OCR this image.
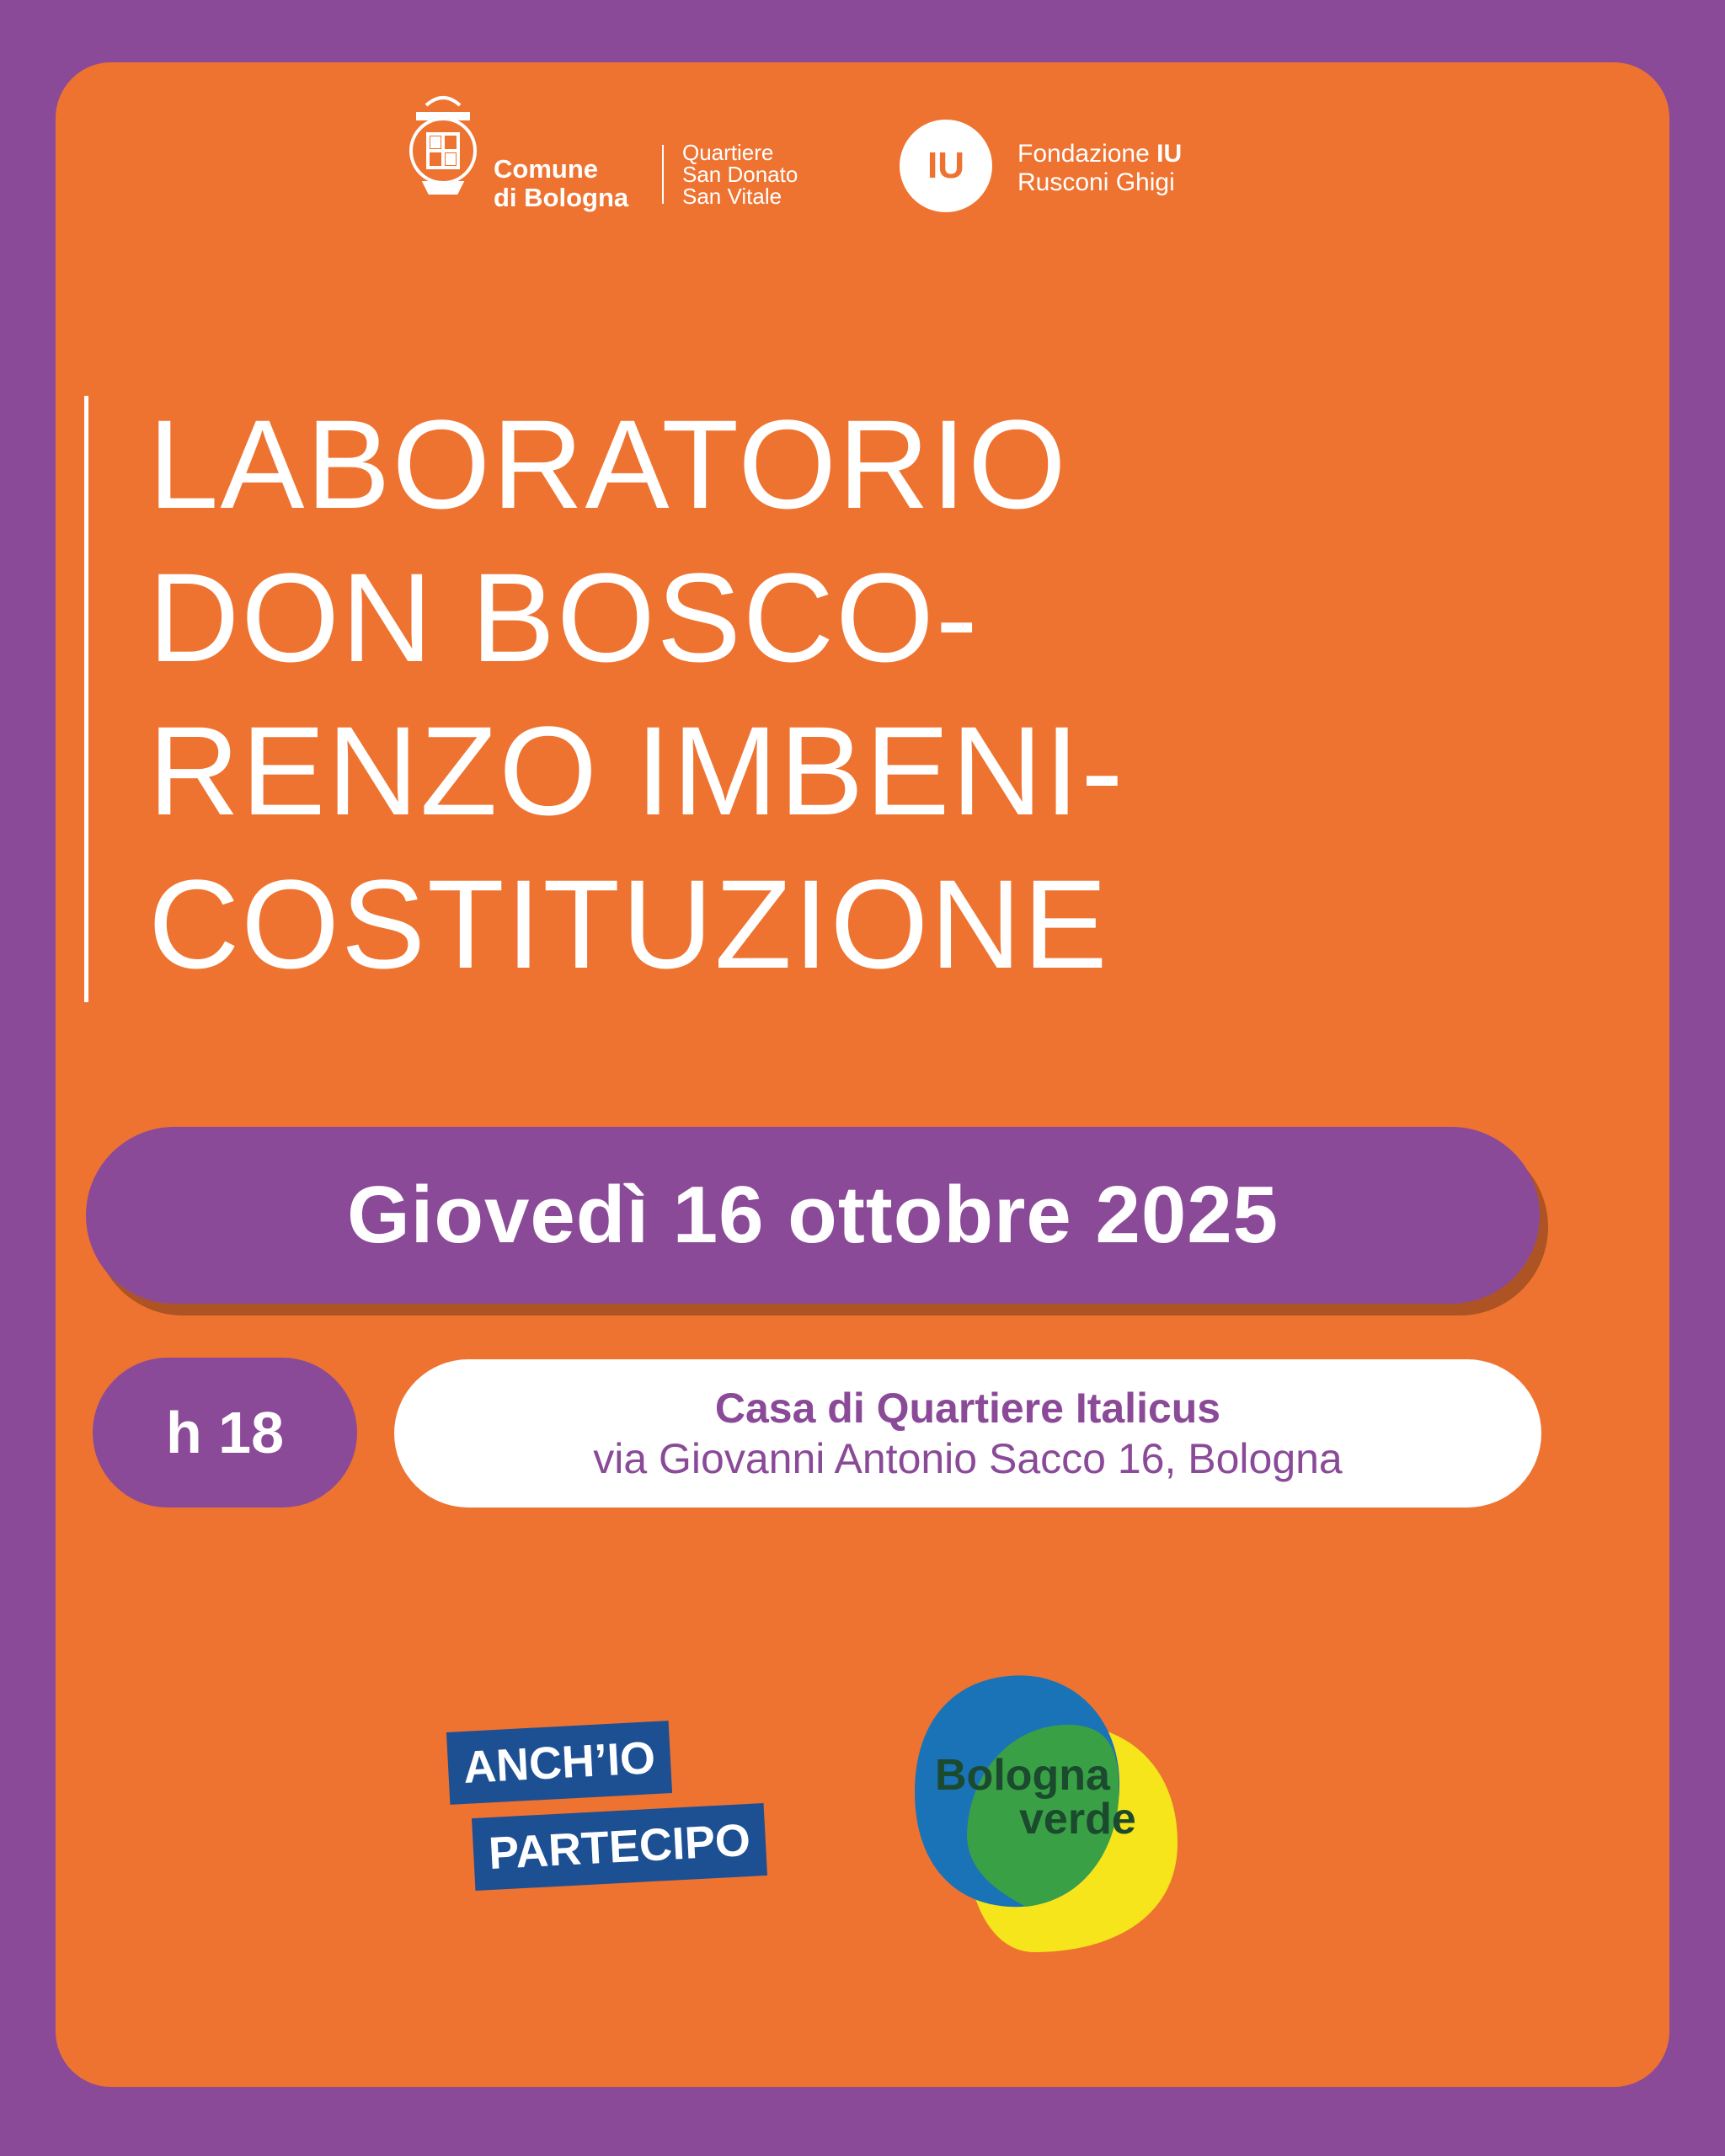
Comune
di Bologna
Quartiere
San Donato
San Vitale
IU	Fondazione IU
Rusconi Ghigi
LABORATORIO
DON BOSCO-
RENZO IMBENI-
COSTITUZIONE
Giovedì 16 ottobre 2025
h 18	Casa di Quartiere Italicus
via Giovanni Antonio Sacco 16, Bologna
ANCH’IO
PARTECIPO
Bologna
verde
